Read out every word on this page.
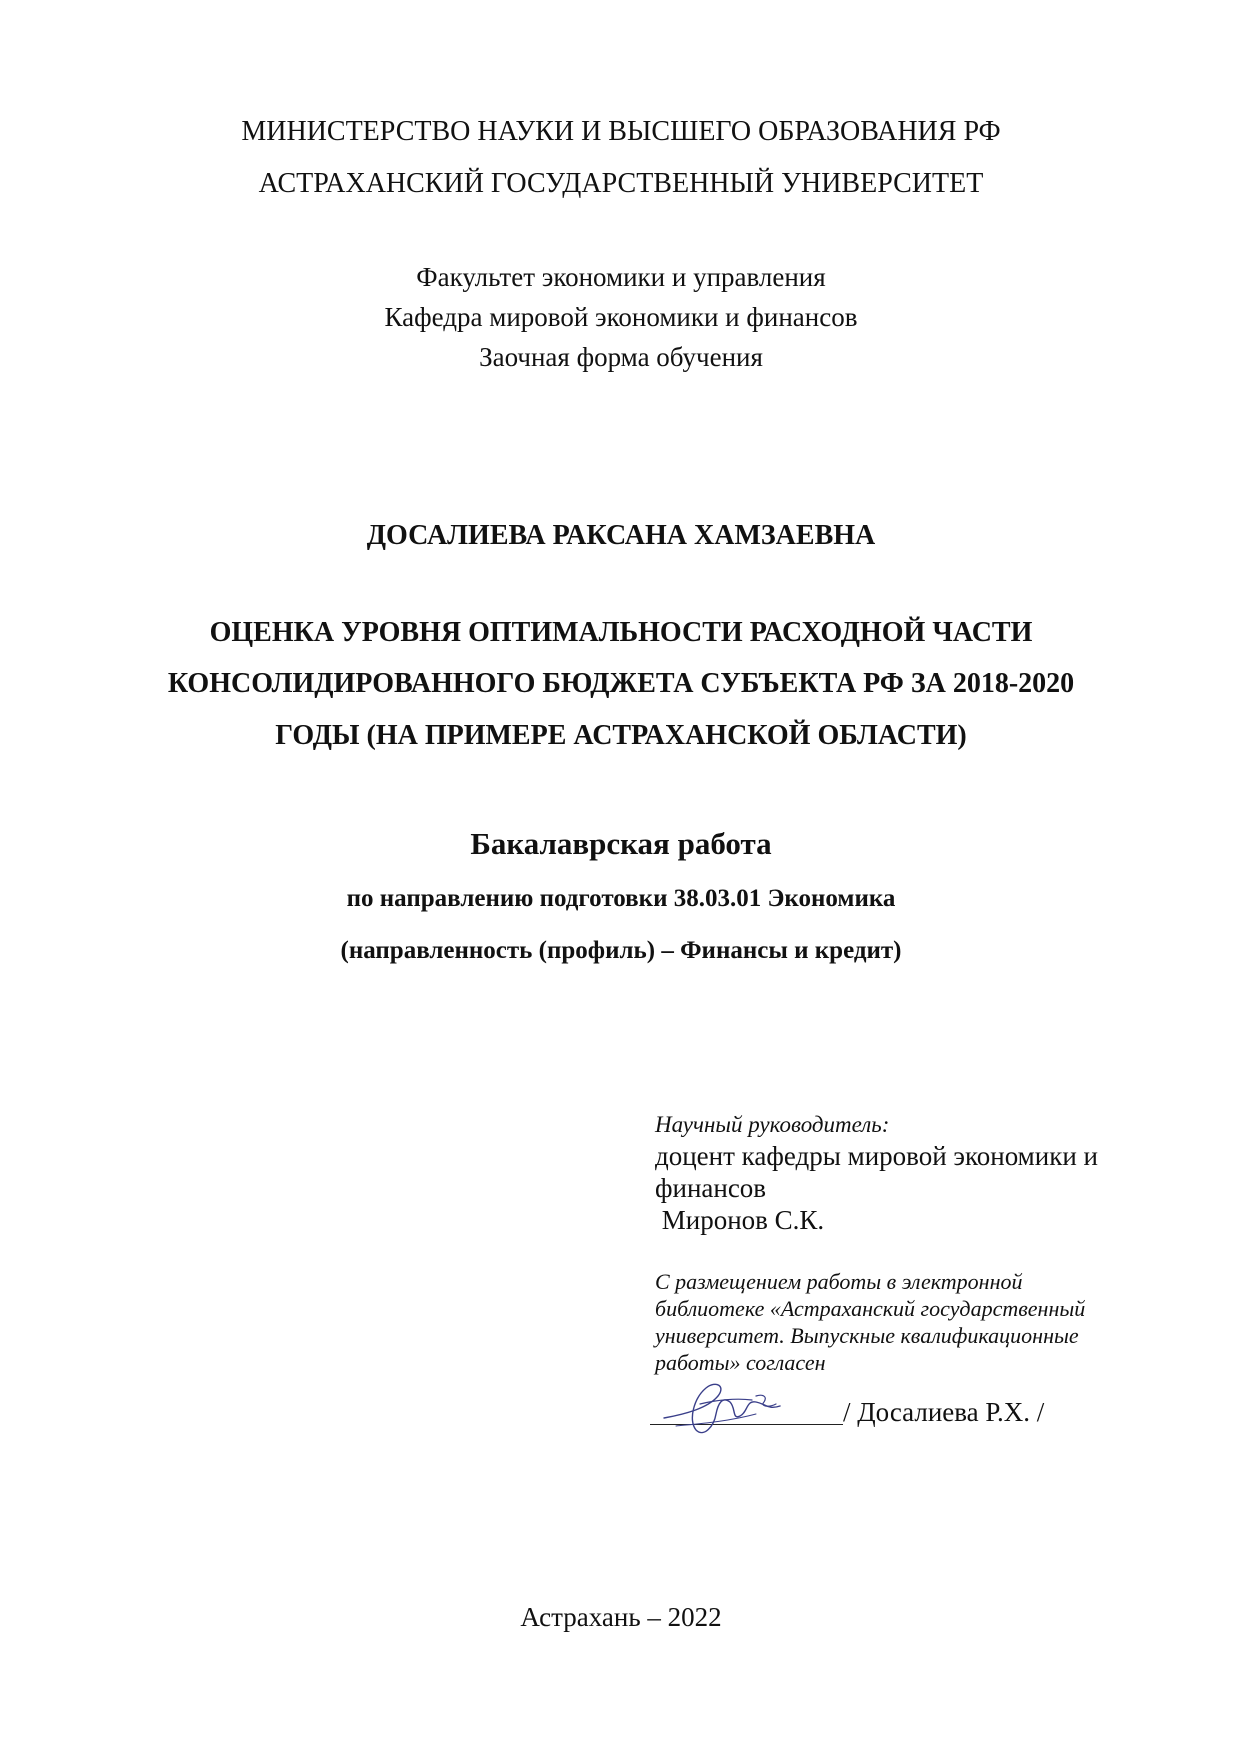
МИНИСТЕРСТВО НАУКИ И ВЫСШЕГО ОБРАЗОВАНИЯ РФ

АСТРАХАНСКИЙ ГОСУДАРСТВЕННЫЙ УНИВЕРСИТЕТ

Факультет экономики и управления

Кафедра мировой экономики и финансов

Заочная форма обучения

ДОСАЛИЕВА РАКСАНА ХАМЗАЕВНА

ОЦЕНКА УРОВНЯ ОПТИМАЛЬНОСТИ РАСХОДНОЙ ЧАСТИ

КОНСОЛИДИРОВАННОГО БЮДЖЕТА СУБЪЕКТА РФ ЗА 2018-2020

ГОДЫ (НА ПРИМЕРЕ АСТРАХАНСКОЙ ОБЛАСТИ)

Бакалаврская работа

по направлению подготовки 38.03.01 Экономика

(направленность (профиль) – Финансы и кредит)

Научный руководитель:

доцент кафедры мировой экономики и

финансов

Миронов С.К.

С размещением работы в электронной

библиотеке «Астраханский государственный

университет. Выпускные квалификационные

работы» согласен

/ Досалиева Р.Х. /

Астрахань – 2022
